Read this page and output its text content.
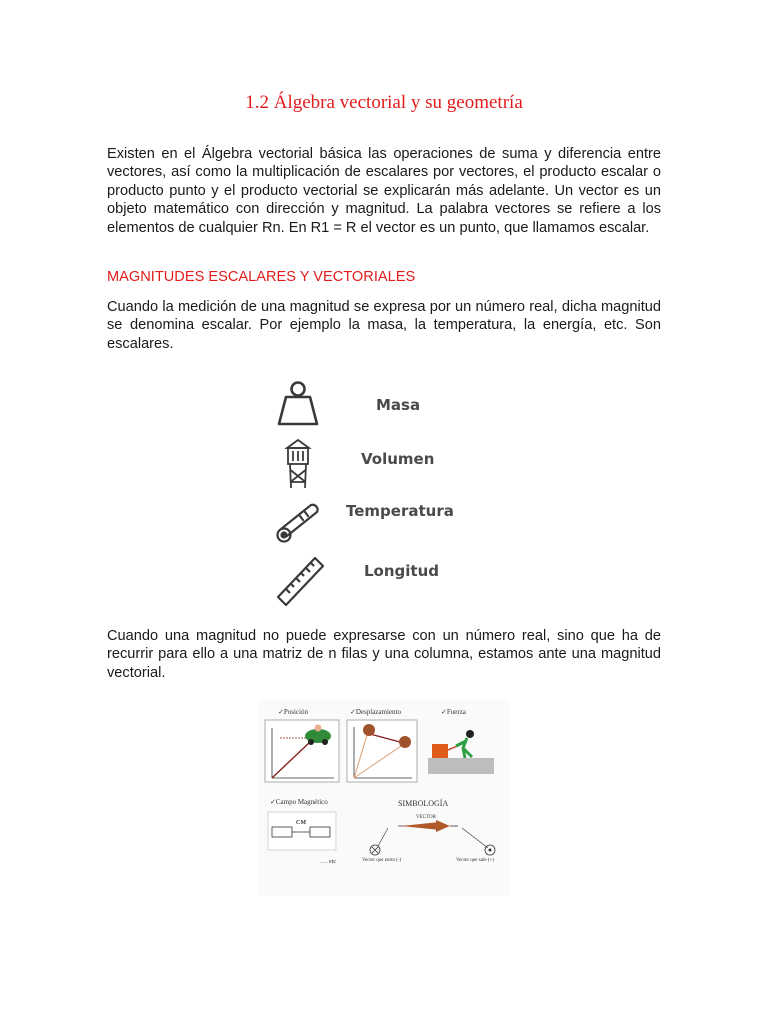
1.2 Álgebra vectorial y su geometría

Existen en el Álgebra vectorial básica las operaciones de suma y diferencia entre vectores, así como la multiplicación de escalares por vectores, el producto escalar o producto punto y el producto vectorial se explicarán más adelante. Un vector es un objeto matemático con dirección y magnitud. La palabra vectores se refiere a los elementos de cualquier Rn. En R1 = R el vector es un punto, que llamamos escalar.

MAGNITUDES ESCALARES Y VECTORIALES

Cuando la medición de una magnitud se expresa por un número real, dicha magnitud se denomina escalar. Por ejemplo la masa, la temperatura, la energía, etc. Son escalares.

Masa
Volumen
Temperatura
Longitud

Cuando una magnitud no puede expresarse con un número real, sino que ha de recurrir para ello a una matriz de n filas y una columna, estamos ante una magnitud vectorial.

✓Posición	✓Desplazamiento	✓Fuerza
✓Campo Magnético
CM
…. etc
SIMBOLOGÍA
VECTOR
Vector que entra (-)	Vector que sale (+)
